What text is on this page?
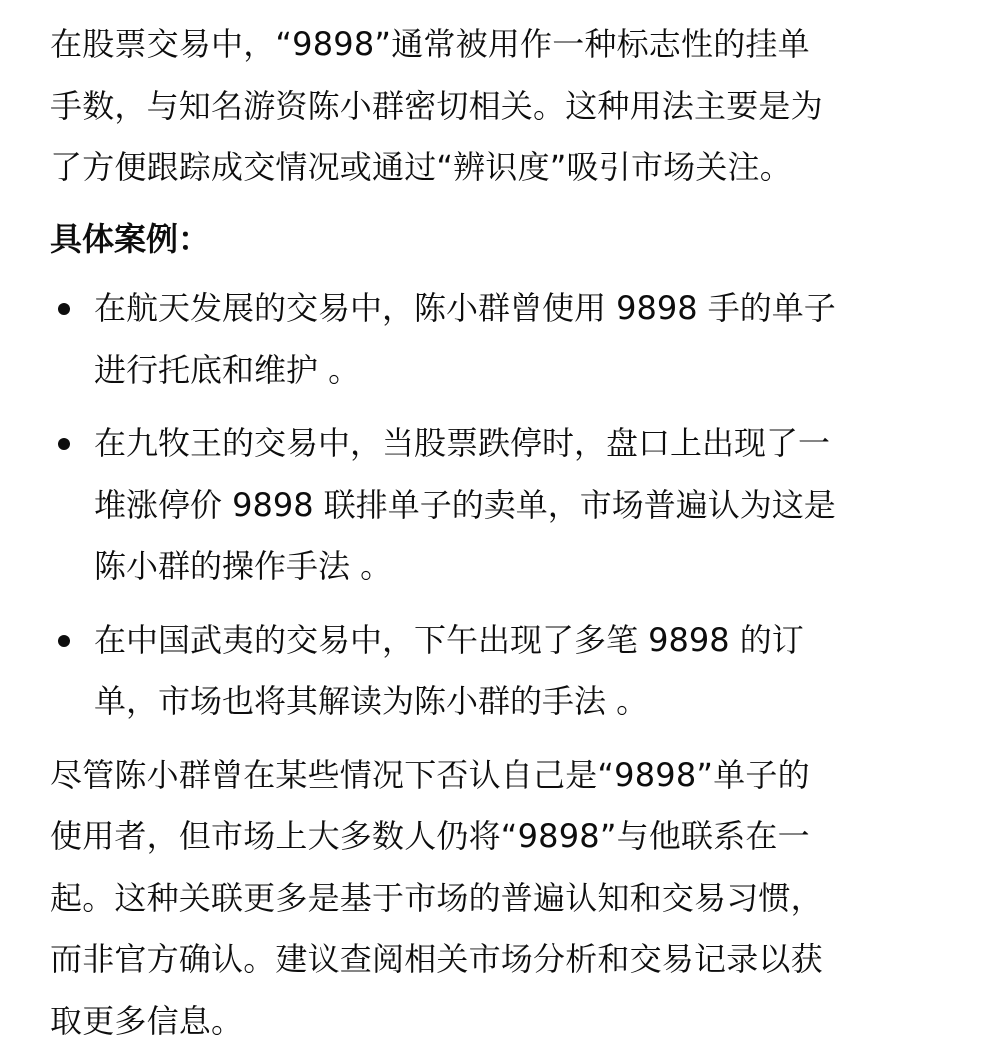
在股票交易中，“9898”通常被用作一种标志性的挂单
手数，与知名游资陈小群密切相关。这种用法主要是为
了方便跟踪成交情况或通过“辨识度”吸引市场关注。

具体案例：
在航天发展的交易中，陈小群曾使用 9898 手的单子
进行托底和维护 。
在九牧王的交易中，当股票跌停时，盘口上出现了一
堆涨停价 9898 联排单子的卖单，市场普遍认为这是
陈小群的操作手法 。
在中国武夷的交易中，下午出现了多笔 9898 的订
单，市场也将其解读为陈小群的手法 。

尽管陈小群曾在某些情况下否认自己是“9898”单子的
使用者，但市场上大多数人仍将“9898”与他联系在一
起。这种关联更多是基于市场的普遍认知和交易习惯，
而非官方确认。建议查阅相关市场分析和交易记录以获
取更多信息。
